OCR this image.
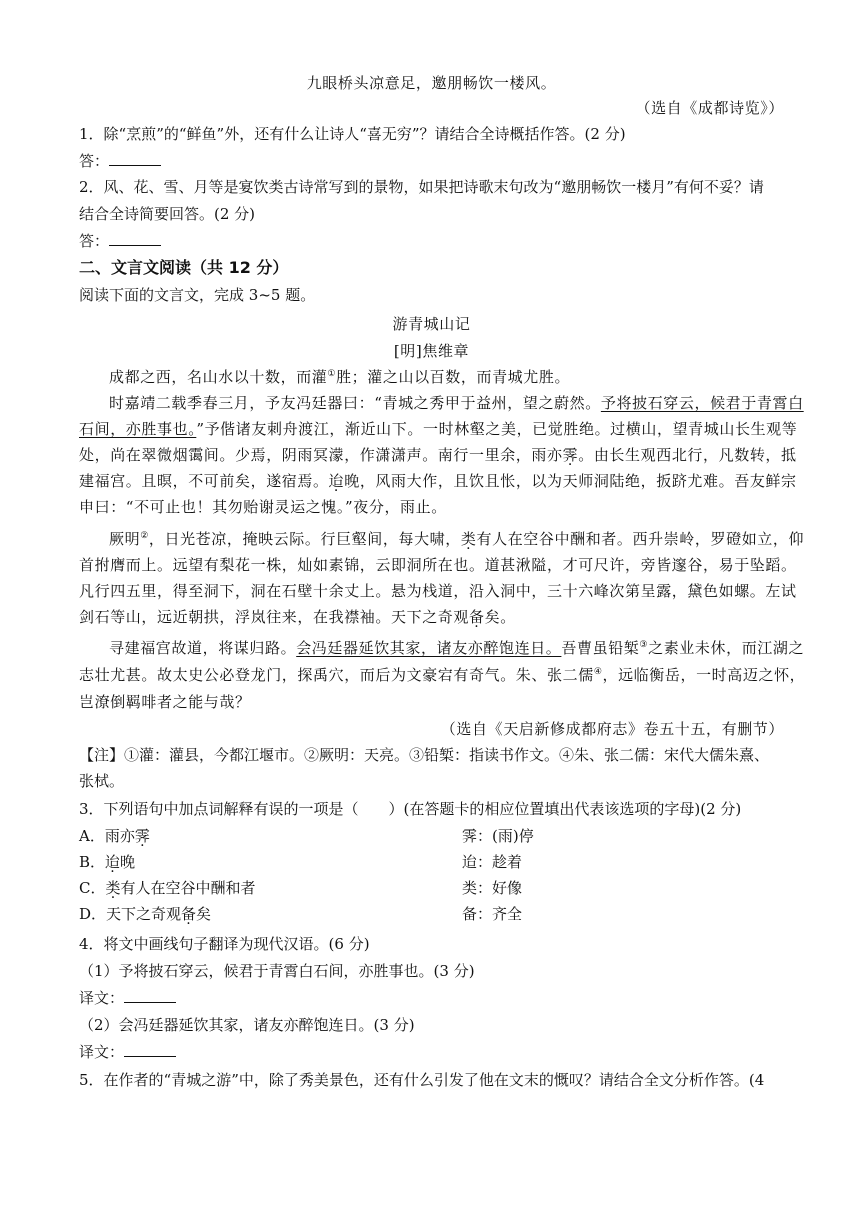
九眼桥头凉意足，邀朋畅饮一楼风。
（选自《成都诗览》）
1．除“烹煎”的“鲜鱼”外，还有什么让诗人“喜无穷”？请结合全诗概括作答。(2 分)
答：
2．风、花、雪、月等是宴饮类古诗常写到的景物，如果把诗歌末句改为“邀朋畅饮一楼月”有何不妥？请
结合全诗简要回答。(2 分)
答：
二、文言文阅读（共 12 分）
阅读下面的文言文，完成 3~5 题。
游青城山记
[明]焦维章
成都之西，名山水以十数，而灌①胜；灌之山以百数，而青城尤胜。
时嘉靖二载季春三月，予友冯廷器曰：“青城之秀甲于益州，望之蔚然。予将披石穿云，候君于青霄白
石间，亦胜事也。”予偕诸友刺舟渡江，渐近山下。一时林壑之美，已觉胜绝。过横山，望青城山长生观等
处，尚在翠微烟霭间。少焉，阴雨冥濛，作潇潇声。南行一里余，雨亦霁。由长生观西北行，凡数转，抵
建福宫。且暝，不可前矣，遂宿焉。迨晚，风雨大作，且饮且怅，以为天师洞陆绝，扳跻尤难。吾友鲜宗
申曰：“不可止也！其勿贻谢灵运之愧。”夜分，雨止。
厥明②，日光苍凉，掩映云际。行巨壑间，每大啸，类有人在空谷中酬和者。西升崇岭，罗磴如立，仰
首拊膺而上。远望有梨花一株，灿如素锦，云即洞所在也。道甚湫隘，才可尺许，旁皆邃谷，易于坠蹈。
凡行四五里，得至洞下，洞在石壁十余丈上。悬为栈道，沿入洞中，三十六峰次第呈露，黛色如螺。左试
剑石等山，远近朝拱，浮岚往来，在我襟袖。天下之奇观备矣。
寻建福宫故道，将谋归路。会冯廷器延饮其家，诸友亦醉饱连日。吾曹虽铅椠③之素业未休，而江湖之
志壮尤甚。故太史公必登龙门，探禹穴，而后为文豪宕有奇气。朱、张二儒④，远临衡岳，一时高迈之怀，
岂潦倒羁啡者之能与哉？
（选自《天启新修成都府志》卷五十五，有删节）
【注】①灌：灌县，今都江堰市。②厥明：天亮。③铅椠：指读书作文。④朱、张二儒：宋代大儒朱熹、
张栻。
3．下列语句中加点词解释有误的一项是（　　）(在答题卡的相应位置填出代表该选项的字母)(2 分)
A．雨亦霁	霁：(雨)停
B．迨晚	迨：趁着
C．类有人在空谷中酬和者	类：好像
D．天下之奇观备矣	备：齐全
4．将文中画线句子翻译为现代汉语。(6 分)
（1）予将披石穿云，候君于青霄白石间，亦胜事也。(3 分)
译文：
（2）会冯廷器延饮其家，诸友亦醉饱连日。(3 分)
译文：
5．在作者的“青城之游”中，除了秀美景色，还有什么引发了他在文末的慨叹？请结合全文分析作答。(4
